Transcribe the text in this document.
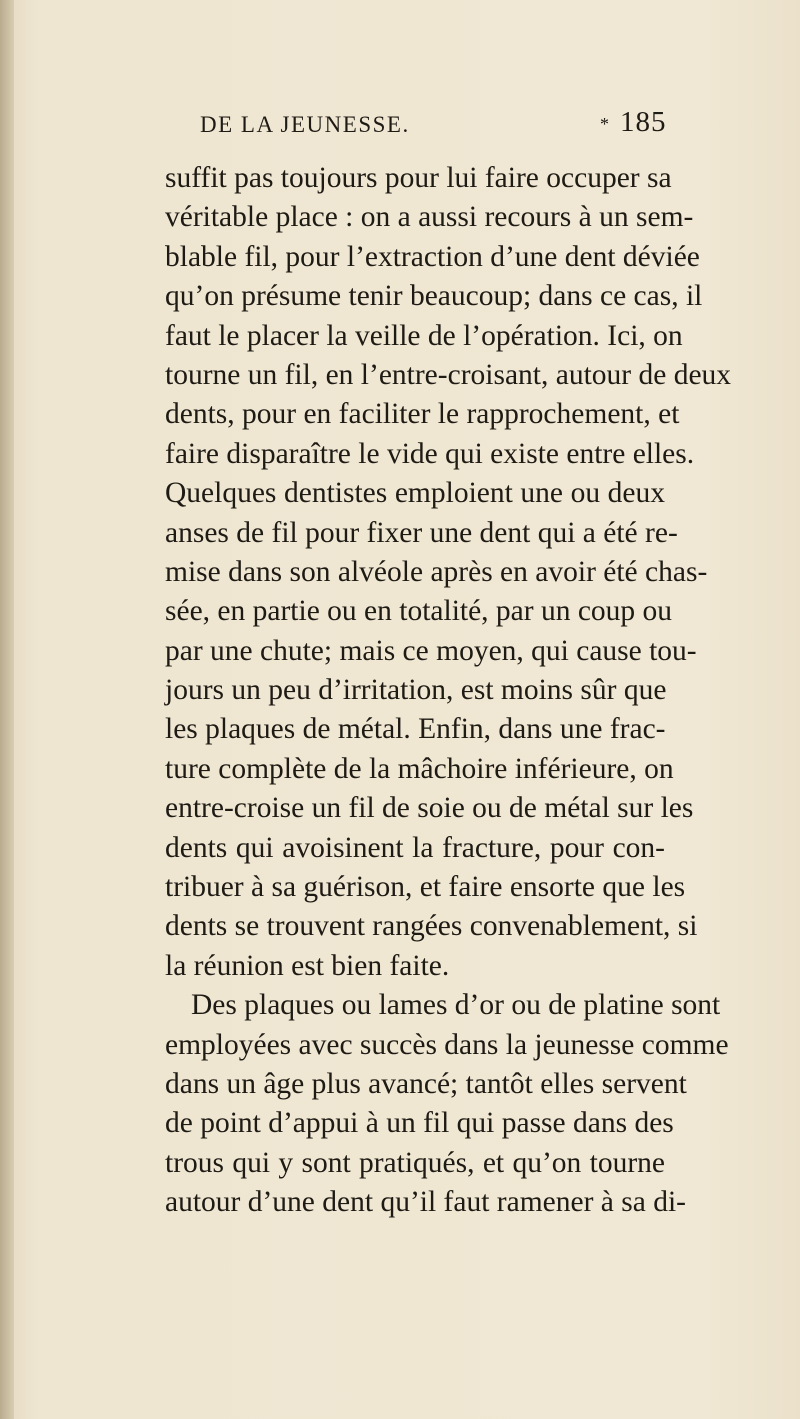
DE LA JEUNESSE.	* 185

suffit pas toujours pour lui faire occuper sa
véritable place : on a aussi recours à un sem-
blable fil, pour l’extraction d’une dent déviée
qu’on présume tenir beaucoup; dans ce cas, il
faut le placer la veille de l’opération. Ici, on
tourne un fil, en l’entre-croisant, autour de deux
dents, pour en faciliter le rapprochement, et
faire disparaître le vide qui existe entre elles.
Quelques dentistes emploient une ou deux
anses de fil pour fixer une dent qui a été re-
mise dans son alvéole après en avoir été chas-
sée, en partie ou en totalité, par un coup ou
par une chute; mais ce moyen, qui cause tou-
jours un peu d’irritation, est moins sûr que
les plaques de métal. Enfin, dans une frac-
ture complète de la mâchoire inférieure, on
entre-croise un fil de soie ou de métal sur les
dents qui avoisinent la fracture, pour con-
tribuer à sa guérison, et faire ensorte que les
dents se trouvent rangées convenablement, si
la réunion est bien faite.

Des plaques ou lames d’or ou de platine sont
employées avec succès dans la jeunesse comme
dans un âge plus avancé; tantôt elles servent
de point d’appui à un fil qui passe dans des
trous qui y sont pratiqués, et qu’on tourne
autour d’une dent qu’il faut ramener à sa di-
